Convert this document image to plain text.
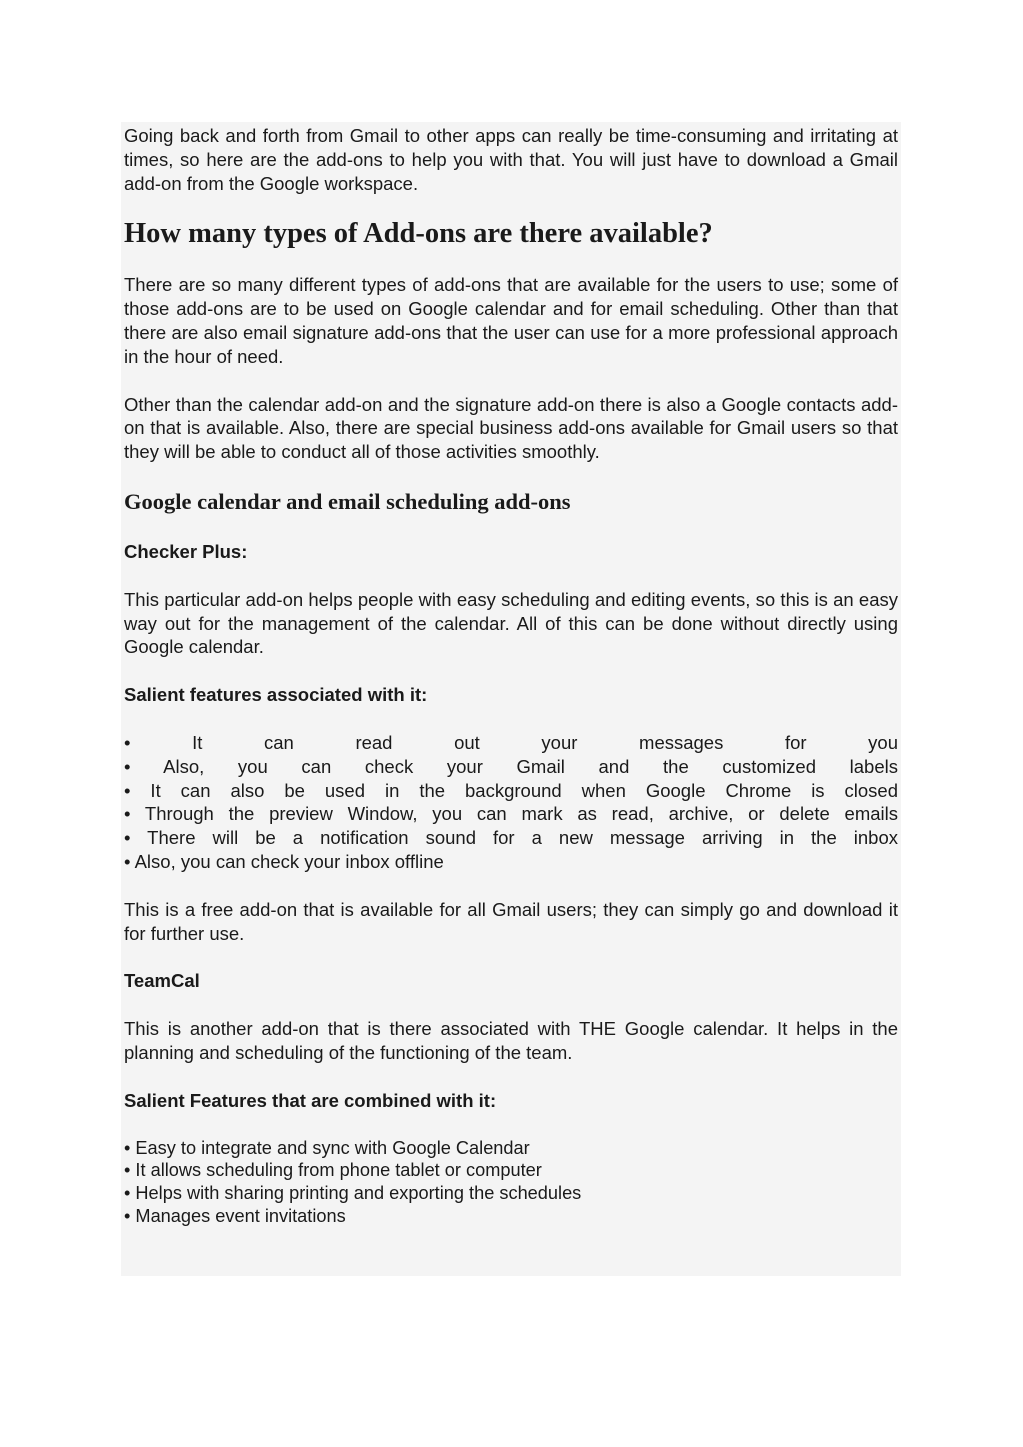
Going back and forth from Gmail to other apps can really be time-consuming and irritating at times, so here are the add-ons to help you with that. You will just have to download a Gmail add-on from the Google workspace.

How many types of Add-ons are there available?

There are so many different types of add-ons that are available for the users to use; some of those add-ons are to be used on Google calendar and for email scheduling. Other than that there are also email signature add-ons that the user can use for a more professional approach in the hour of need.

Other than the calendar add-on and the signature add-on there is also a Google contacts add-on that is available. Also, there are special business add-ons available for Gmail users so that they will be able to conduct all of those activities smoothly.

Google calendar and email scheduling add-ons

Checker Plus:

This particular add-on helps people with easy scheduling and editing events, so this is an easy way out for the management of the calendar. All of this can be done without directly using Google calendar.

Salient features associated with it:

• It can read out your messages for you

• Also, you can check your Gmail and the customized labels

• It can also be used in the background when Google Chrome is closed

• Through the preview Window, you can mark as read, archive, or delete emails

• There will be a notification sound for a new message arriving in the inbox

• Also, you can check your inbox offline

This is a free add-on that is available for all Gmail users; they can simply go and download it for further use.

TeamCal

This is another add-on that is there associated with THE Google calendar. It helps in the planning and scheduling of the functioning of the team.

Salient Features that are combined with it:

• Easy to integrate and sync with Google Calendar

• It allows scheduling from phone tablet or computer

• Helps with sharing printing and exporting the schedules

• Manages event invitations
